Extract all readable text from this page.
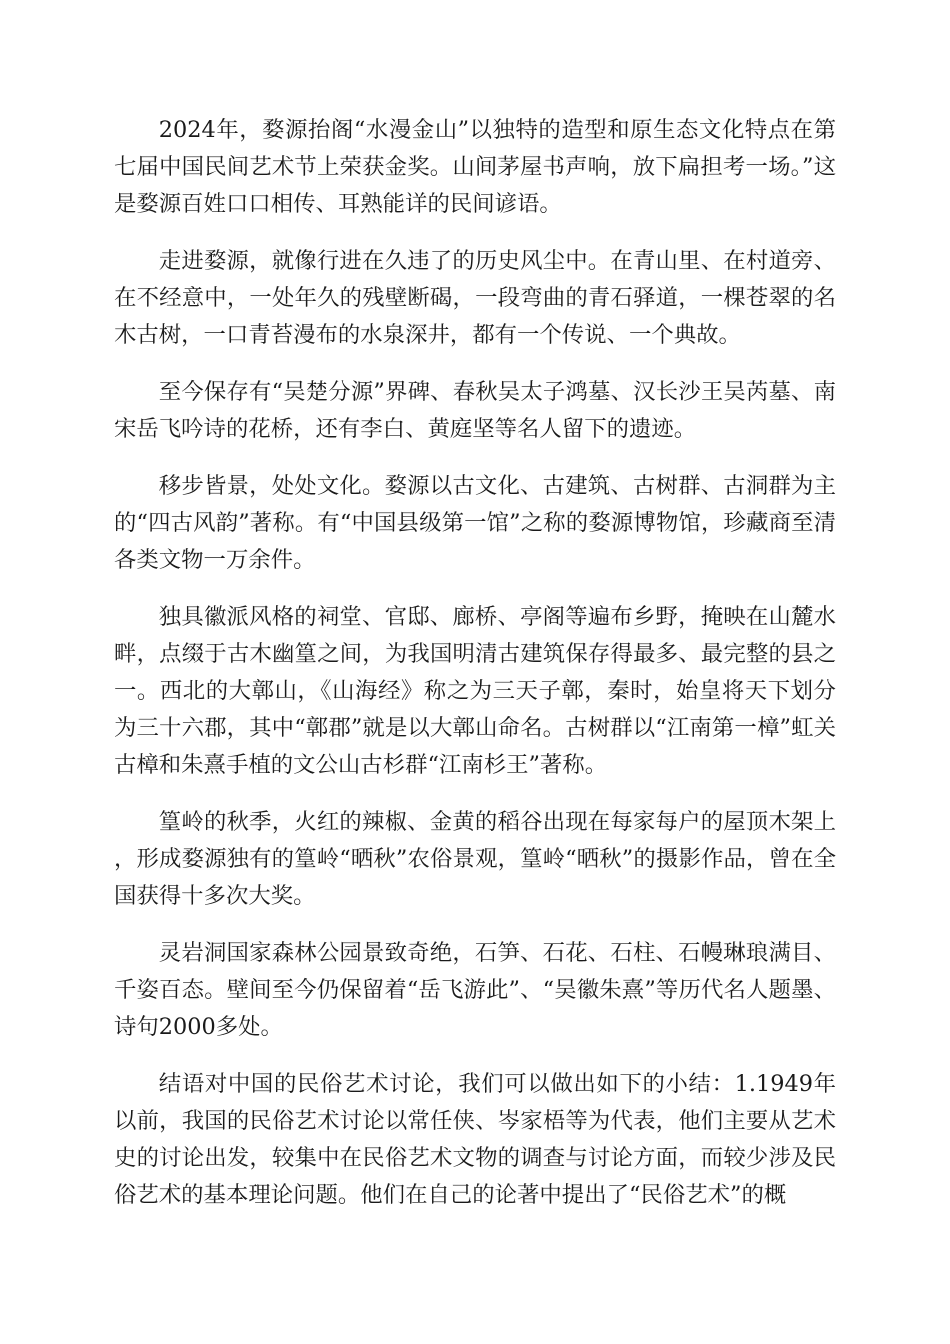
2024年，婺源抬阁“水漫金山”以独特的造型和原生态文化特点在第七届中国民间艺术节上荣获金奖。山间茅屋书声响，放下扁担考一场。”这是婺源百姓口口相传、耳熟能详的民间谚语。

走进婺源，就像行进在久违了的历史风尘中。在青山里、在村道旁、在不经意中，一处年久的残壁断碣，一段弯曲的青石驿道，一棵苍翠的名木古树，一口青苔漫布的水泉深井，都有一个传说、一个典故。

至今保存有“吴楚分源”界碑、春秋吴太子鸿墓、汉长沙王吴芮墓、南宋岳飞吟诗的花桥，还有李白、黄庭坚等名人留下的遗迹。

移步皆景，处处文化。婺源以古文化、古建筑、古树群、古洞群为主的“四古风韵”著称。有“中国县级第一馆”之称的婺源博物馆，珍藏商至清各类文物一万余件。

独具徽派风格的祠堂、官邸、廊桥、亭阁等遍布乡野，掩映在山麓水畔，点缀于古木幽篁之间，为我国明清古建筑保存得最多、最完整的县之一。西北的大鄣山，《山海经》称之为三天子鄣，秦时，始皇将天下划分为三十六郡，其中“鄣郡”就是以大鄣山命名。古树群以“江南第一樟”虹关古樟和朱熹手植的文公山古杉群“江南杉王”著称。

篁岭的秋季，火红的辣椒、金黄的稻谷出现在每家每户的屋顶木架上，形成婺源独有的篁岭“晒秋”农俗景观，篁岭“晒秋”的摄影作品，曾在全国获得十多次大奖。

灵岩洞国家森林公园景致奇绝，石笋、石花、石柱、石幔琳琅满目、千姿百态。壁间至今仍保留着“岳飞游此”、“吴徽朱熹”等历代名人题墨、诗句2000多处。

结语对中国的民俗艺术讨论，我们可以做出如下的小结：1.1949年以前，我国的民俗艺术讨论以常任侠、岑家梧等为代表，他们主要从艺术史的讨论出发，较集中在民俗艺术文物的调查与讨论方面，而较少涉及民俗艺术的基本理论问题。他们在自己的论著中提出了“民俗艺术”的概
